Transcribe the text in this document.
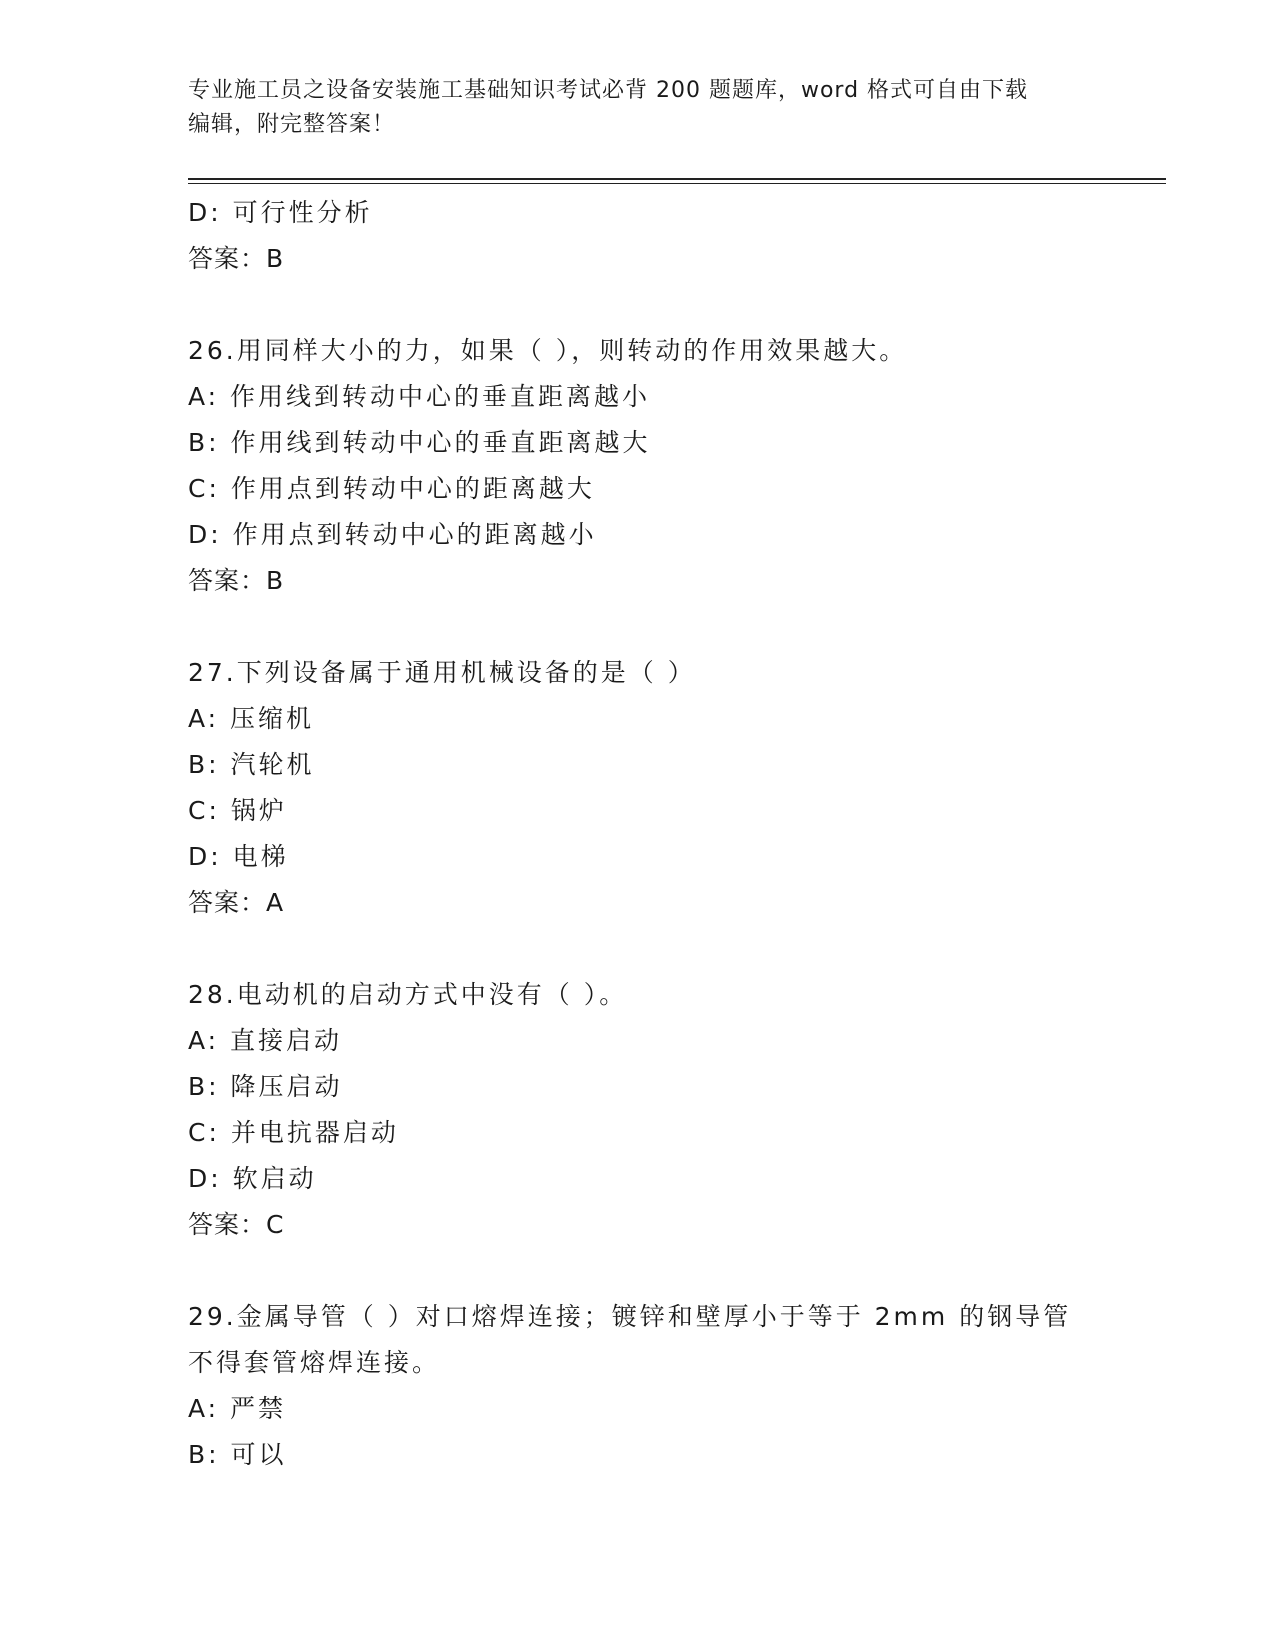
专业施工员之设备安装施工基础知识考试必背 200 题题库，word 格式可自由下载
编辑，附完整答案！
D: 可行性分析
答案：B
26.用同样大小的力，如果（ ），则转动的作用效果越大。
A: 作用线到转动中心的垂直距离越小
B: 作用线到转动中心的垂直距离越大
C: 作用点到转动中心的距离越大
D: 作用点到转动中心的距离越小
答案：B
27.下列设备属于通用机械设备的是（ ）
A: 压缩机
B: 汽轮机
C: 锅炉
D: 电梯
答案：A
28.电动机的启动方式中没有（ ）。
A: 直接启动
B: 降压启动
C: 并电抗器启动
D: 软启动
答案：C
29.金属导管（ ）对口熔焊连接；镀锌和壁厚小于等于 2mm 的钢导管
不得套管熔焊连接。
A: 严禁
B: 可以
